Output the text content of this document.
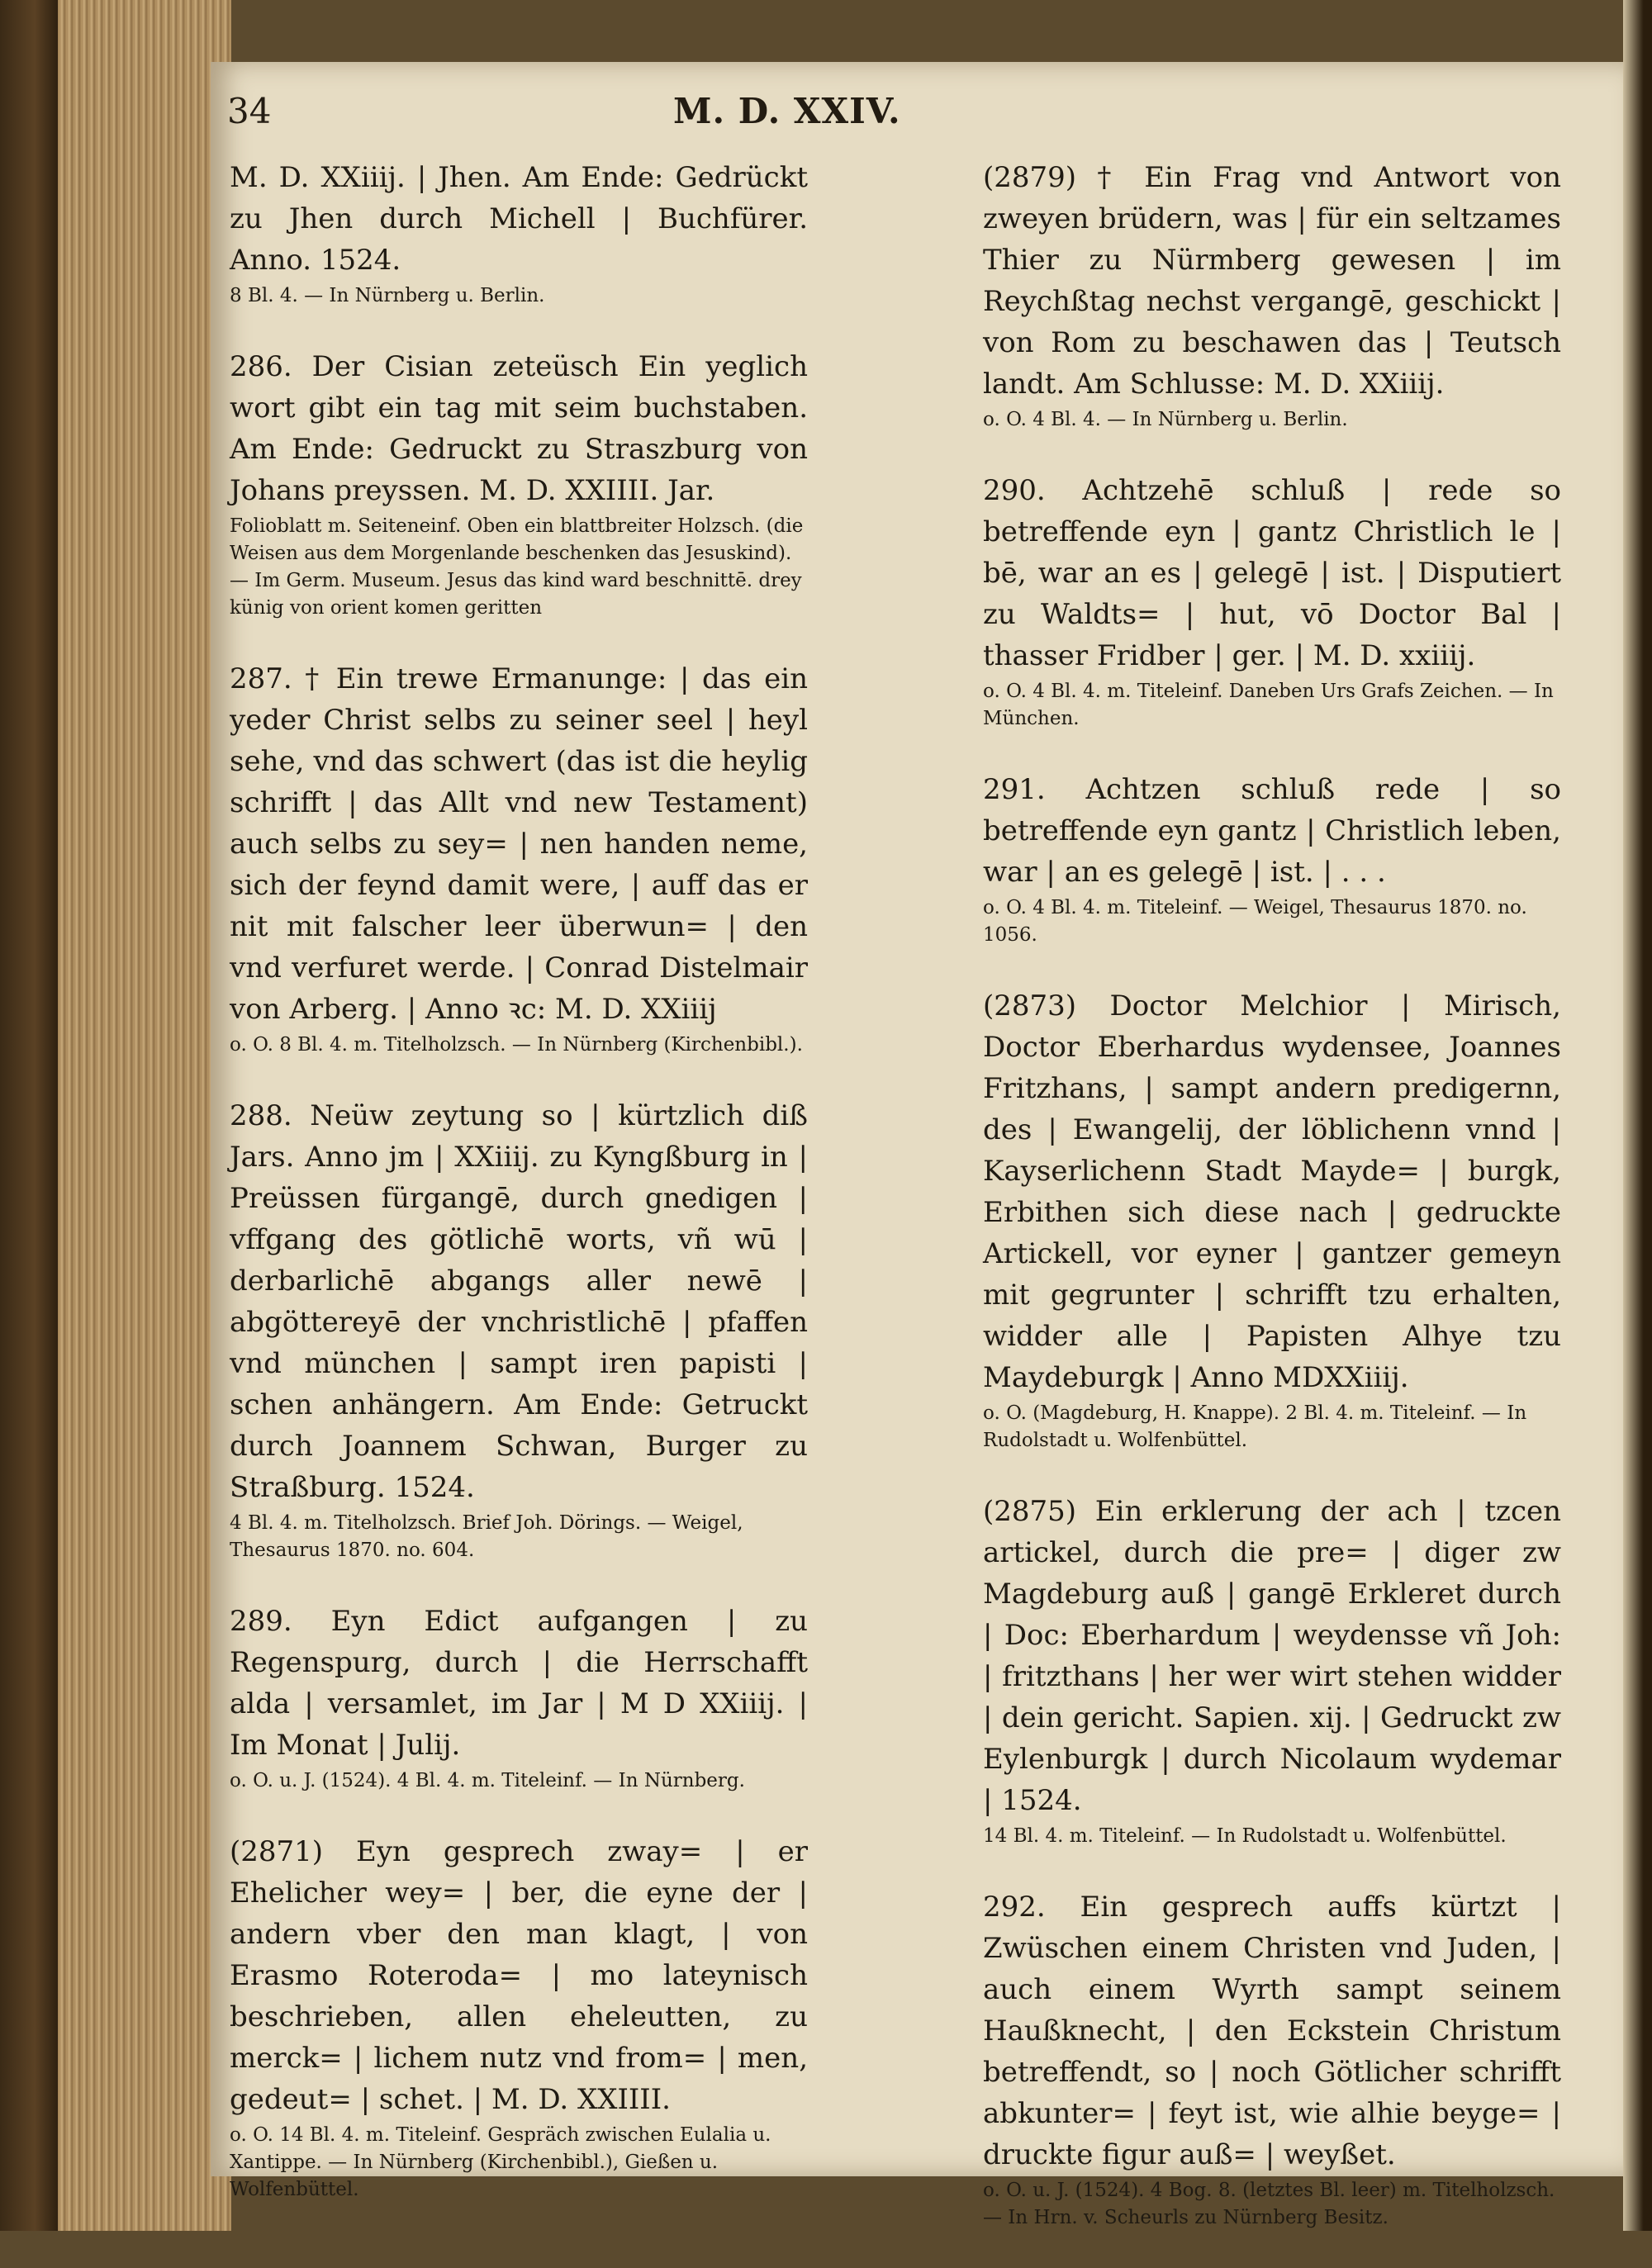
34	M. D. XXIV.
M. D. XXiiij. | Jhen. Am Ende: Gedrückt zu Jhen durch Michell | Buchfürer. Anno. 1524.
8 Bl. 4. — In Nürnberg u. Berlin.
286. Der Cisian zeteüsch Ein yeglich wort gibt ein tag mit seim buchstaben. Am Ende: Gedruckt zu Straszburg von Johans preyssen. M. D. XXIIII. Jar.
Folioblatt m. Seiteneinf. Oben ein blattbreiter Holzsch. (die Weisen aus dem Morgenlande beschenken das Jesuskind). — Im Germ. Museum. Jesus das kind ward beschnittē. drey künig von orient komen geritten
287. † Ein trewe Ermanunge: | das ein yeder Christ selbs zu seiner seel | heyl sehe, vnd das schwert (das ist die heylig schrifft | das Allt vnd new Testament) auch selbs zu sey= | nen handen neme, sich der feynd damit were, | auff das er nit mit falscher leer überwun= | den vnd verfuret werde. | Conrad Distelmair von Arberg. | Anno ꝛc: M. D. XXiiij
o. O. 8 Bl. 4. m. Titelholzsch. — In Nürnberg (Kirchenbibl.).
288. Neüw zeytung so | kürtzlich diß Jars. Anno jm | XXiiij. zu Kyngßburg in | Preüssen fürgangē, durch gnedigen | vffgang des götlichē worts, vñ wū | derbarlichē abgangs aller newē | abgöttereyē der vnchristlichē | pfaffen vnd münchen | sampt iren papisti | schen anhängern. Am Ende: Getruckt durch Joannem Schwan, Burger zu Straßburg. 1524.
4 Bl. 4. m. Titelholzsch. Brief Joh. Dörings. — Weigel, Thesaurus 1870. no. 604.
289. Eyn Edict aufgangen | zu Regenspurg, durch | die Herrschafft alda | versamlet, im Jar | M D XXiiij. | Im Monat | Julij.
o. O. u. J. (1524). 4 Bl. 4. m. Titeleinf. — In Nürnberg.
(2871) Eyn gesprech zway= | er Ehelicher wey= | ber, die eyne der | andern vber den man klagt, | von Erasmo Roteroda= | mo lateynisch beschrieben, allen eheleutten, zu merck= | lichem nutz vnd from= | men, gedeut= | schet. | M. D. XXIIII.
o. O. 14 Bl. 4. m. Titeleinf. Gespräch zwischen Eulalia u. Xantippe. — In Nürnberg (Kirchenbibl.), Gießen u. Wolfenbüttel.
(2879) † Ein Frag vnd Antwort von zweyen brüdern, was | für ein seltzames Thier zu Nürmberg gewesen | im Reychßtag nechst vergangē, geschickt | von Rom zu beschawen das | Teutsch landt. Am Schlusse: M. D. XXiiij.
o. O. 4 Bl. 4. — In Nürnberg u. Berlin.
290. Achtzehē schluß | rede so betreffende eyn | gantz Christlich le | bē, war an es | gelegē | ist. | Disputiert zu Waldts= | hut, vō Doctor Bal | thasser Fridber | ger. | M. D. xxiiij.
o. O. 4 Bl. 4. m. Titeleinf. Daneben Urs Grafs Zeichen. — In München.
291. Achtzen schluß rede | so betreffende eyn gantz | Christlich leben, war | an es gelegē | ist. | . . .
o. O. 4 Bl. 4. m. Titeleinf. — Weigel, Thesaurus 1870. no. 1056.
(2873) Doctor Melchior | Mirisch, Doctor Eberhardus wydensee, Joannes Fritzhans, | sampt andern predigernn, des | Ewangelij, der löblichenn vnnd | Kayserlichenn Stadt Mayde= | burgk, Erbithen sich diese nach | gedruckte Artickell, vor eyner | gantzer gemeyn mit gegrunter | schrifft tzu erhalten, widder alle | Papisten Alhye tzu Maydeburgk | Anno MDXXiiij.
o. O. (Magdeburg, H. Knappe). 2 Bl. 4. m. Titeleinf. — In Rudolstadt u. Wolfenbüttel.
(2875) Ein erklerung der ach | tzcen artickel, durch die pre= | diger zw Magdeburg auß | gangē Erkleret durch | Doc: Eberhardum | weydensse vñ Joh: | fritzthans | her wer wirt stehen widder | dein gericht. Sapien. xij. | Gedruckt zw Eylenburgk | durch Nicolaum wydemar | 1524.
14 Bl. 4. m. Titeleinf. — In Rudolstadt u. Wolfenbüttel.
292. Ein gesprech auffs kürtzt | Zwüschen einem Christen vnd Juden, | auch einem Wyrth sampt seinem Haußknecht, | den Eckstein Christum betreffendt, so | noch Götlicher schrifft abkunter= | feyt ist, wie alhie beyge= | druckte figur auß= | weyßet.
o. O. u. J. (1524). 4 Bog. 8. (letztes Bl. leer) m. Titelholzsch. — In Hrn. v. Scheurls zu Nürnberg Besitz.
